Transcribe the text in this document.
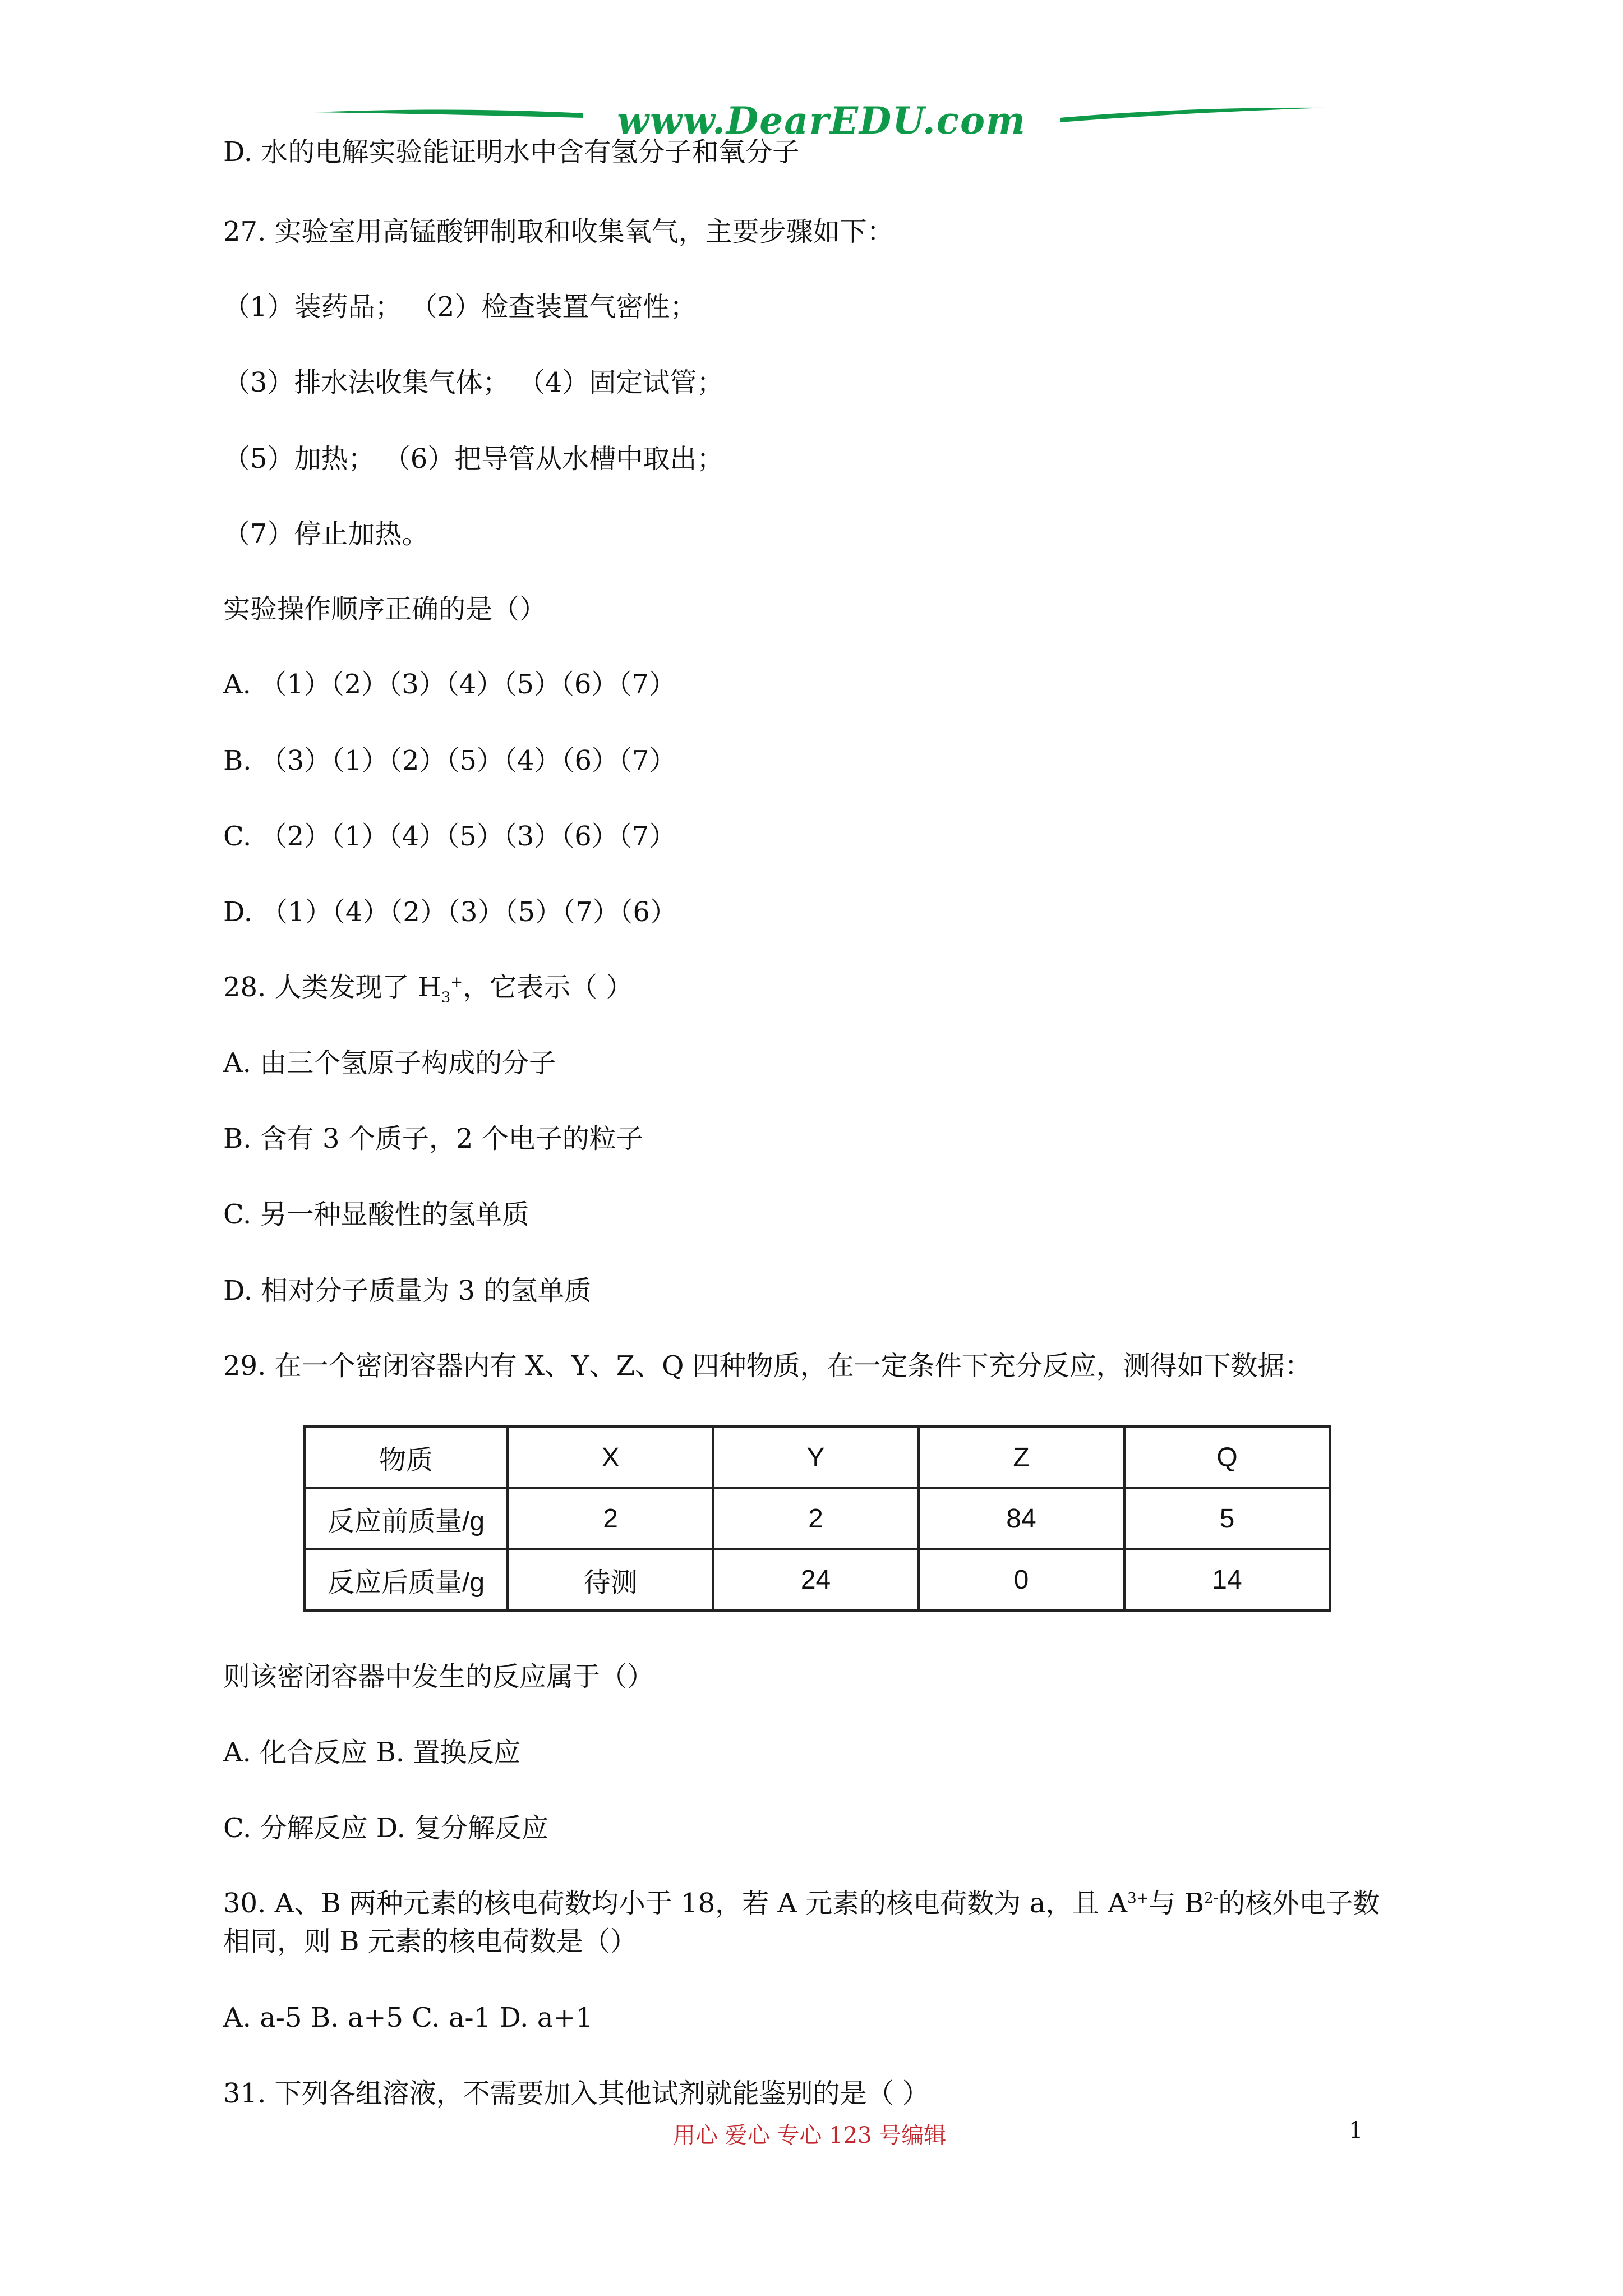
www.DearEDU.com
D. 水的电解实验能证明水中含有氢分子和氧分子
27. 实验室用高锰酸钾制取和收集氧气，主要步骤如下：
（1）装药品； （2）检查装置气密性；
（3）排水法收集气体； （4）固定试管；
（5）加热； （6）把导管从水槽中取出；
（7）停止加热。
实验操作顺序正确的是（）
A. （1）（2）（3）（4）（5）（6）（7）
B. （3）（1）（2）（5）（4）（6）（7）
C. （2）（1）（4）（5）（3）（6）（7）
D. （1）（4）（2）（3）（5）（7）（6）
28. 人类发现了 $H_3^+$，它表示（ ）
A. 由三个氢原子构成的分子
B. 含有 3 个质子，2 个电子的粒子
C. 另一种显酸性的氢单质
D. 相对分子质量为 3 的氢单质
29. 在一个密闭容器内有 X、Y、Z、Q 四种物质，在一定条件下充分反应，测得如下数据：
物质	X	Y	Z	Q
反应前质量/g	2	2	84	5
反应后质量/g	待测	24	0	14
则该密闭容器中发生的反应属于（）
A. 化合反应 B. 置换反应
C. 分解反应 D. 复分解反应
30. A、B 两种元素的核电荷数均小于 18，若 A 元素的核电荷数为 a，且 $A^{3+}$与 $B^{2-}$的核外电子数
相同，则 B 元素的核电荷数是（）
A. a-5 B. a+5 C. a-1 D. a+1
31. 下列各组溶液，不需要加入其他试剂就能鉴别的是（ ）
用心 爱心 专心 123 号编辑	1
